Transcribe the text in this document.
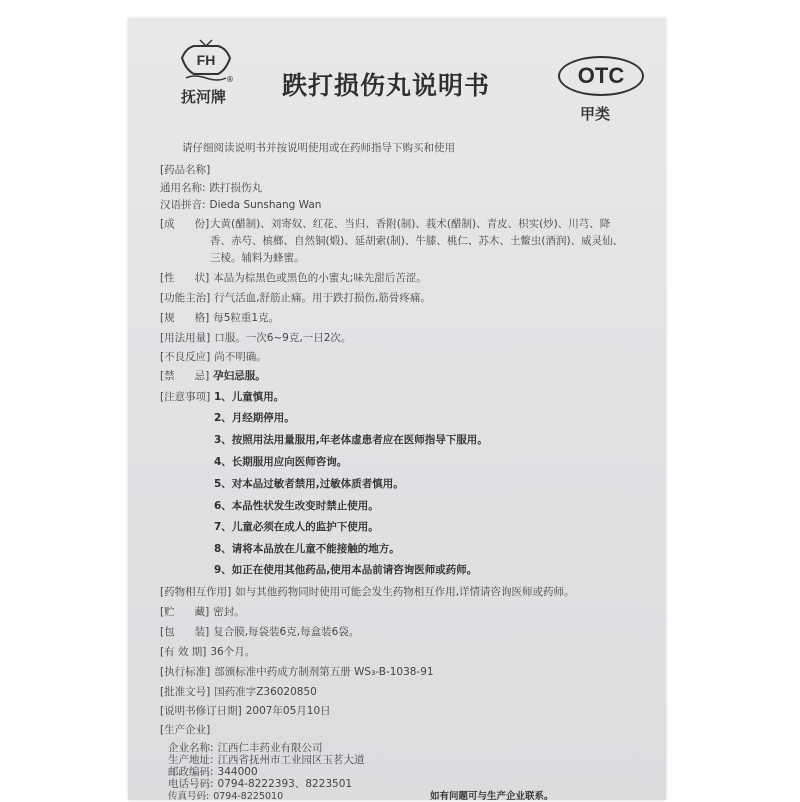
FH
®
抚河牌 跌打损伤丸说明书	OTC
甲类
请仔细阅读说明书并按说明使用或在药师指导下购买和使用
[药品名称]
通用名称: 跌打损伤丸
汉语拼音: Dieda Sunshang Wan
[成      份] 大黄(醋制)、刘寄奴、红花、当归、香附(制)、莪术(醋制)、青皮、枳实(炒)、川芎、降
香、赤芍、槟榔、自然铜(煅)、延胡索(制)、牛膝、桃仁、苏木、土鳖虫(酒润)、威灵仙、
三棱。辅料为蜂蜜。
[性      状] 本品为棕黑色或黑色的小蜜丸;味先甜后苦涩。
[功能主治] 行气活血,舒筋止痛。用于跌打损伤,筋骨疼痛。
[规      格] 每5粒重1克。
[用法用量] 口服。一次6~9克,一日2次。
[不良反应] 尚不明确。
[禁      忌] 孕妇忌服。
[注意事项] 1、儿童慎用。
2、月经期停用。
3、按照用法用量服用,年老体虚患者应在医师指导下服用。
4、长期服用应向医师咨询。
5、对本品过敏者禁用,过敏体质者慎用。
6、本品性状发生改变时禁止使用。
7、儿童必须在成人的监护下使用。
8、请将本品放在儿童不能接触的地方。
9、如正在使用其他药品,使用本品前请咨询医师或药师。
[药物相互作用] 如与其他药物同时使用可能会发生药物相互作用,详情请咨询医师或药师。
[贮      藏] 密封。
[包      装] 复合膜,每袋装6克,每盒装6袋。
[有 效 期] 36个月。
[执行标准] 部颁标准中药成方制剂第五册 WS₃-B-1038-91
[批准文号] 国药准字Z36020850
[说明书修订日期] 2007年05月10日
[生产企业]
企业名称: 江西仁丰药业有限公司
生产地址: 江西省抚州市工业园区玉茗大道
邮政编码: 344000
电话号码: 0794-8222393、8223501
传真号码: 0794-8225010	如有问题可与生产企业联系。
